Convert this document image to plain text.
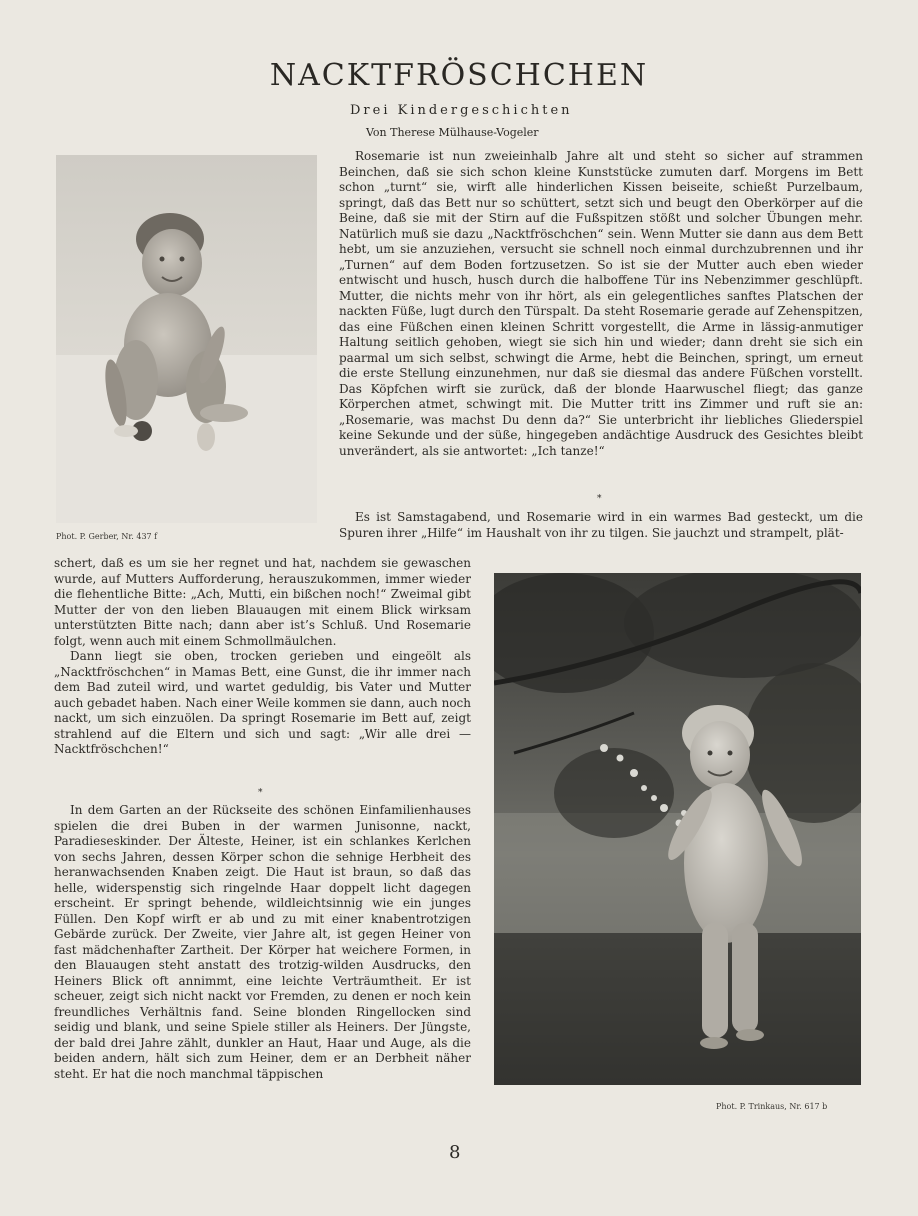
NACKTFRÖSCHCHEN
Drei Kindergeschichten
Von Therese Mülhause-Vogeler
Phot. P. Gerber, Nr. 437 f
Phot. P. Trinkaus, Nr. 617 b

Rosemarie ist nun zweieinhalb Jahre alt und steht so sicher auf strammen Beinchen, daß sie sich schon kleine Kunststücke zumuten darf. Morgens im Bett schon „turnt“ sie, wirft alle hinderlichen Kissen beiseite, schießt Purzelbaum, springt, daß das Bett nur so schüttert, setzt sich und beugt den Oberkörper auf die Beine, daß sie mit der Stirn auf die Fußspitzen stößt und solcher Übungen mehr. Natürlich muß sie dazu „Nacktfröschchen“ sein. Wenn Mutter sie dann aus dem Bett hebt, um sie anzuziehen, versucht sie schnell noch einmal durchzubrennen und ihr „Turnen“ auf dem Boden fortzusetzen. So ist sie der Mutter auch eben wieder entwischt und husch, husch durch die halboffene Tür ins Nebenzimmer geschlüpft. Mutter, die nichts mehr von ihr hört, als ein gelegentliches sanftes Platschen der nackten Füße, lugt durch den Türspalt. Da steht Rosemarie gerade auf Zehenspitzen, das eine Füßchen einen kleinen Schritt vorgestellt, die Arme in lässig-anmutiger Haltung seitlich gehoben, wiegt sie sich hin und wieder; dann dreht sie sich ein paarmal um sich selbst, schwingt die Arme, hebt die Beinchen, springt, um erneut die erste Stellung einzunehmen, nur daß sie diesmal das andere Füßchen vorstellt. Das Köpfchen wirft sie zurück, daß der blonde Haarwuschel fliegt; das ganze Körperchen atmet, schwingt mit. Die Mutter tritt ins Zimmer und ruft sie an: „Rosemarie, was machst Du denn da?“ Sie unterbricht ihr liebliches Gliederspiel keine Sekunde und der süße, hingegeben andächtige Ausdruck des Gesichtes bleibt unverändert, als sie antwortet: „Ich tanze!“

*

Es ist Samstagabend, und Rosemarie wird in ein warmes Bad gesteckt, um die Spuren ihrer „Hilfe“ im Haushalt von ihr zu tilgen. Sie jauchzt und strampelt, plät-

schert, daß es um sie her regnet und hat, nachdem sie gewaschen wurde, auf Mutters Aufforderung, herauszukommen, immer wieder die flehentliche Bitte: „Ach, Mutti, ein bißchen noch!“ Zweimal gibt Mutter der von den lieben Blauaugen mit einem Blick wirksam unterstützten Bitte nach; dann aber ist’s Schluß. Und Rosemarie folgt, wenn auch mit einem Schmollmäulchen.

Dann liegt sie oben, trocken gerieben und eingeölt als „Nacktfröschchen“ in Mamas Bett, eine Gunst, die ihr immer nach dem Bad zuteil wird, und wartet geduldig, bis Vater und Mutter auch gebadet haben. Nach einer Weile kommen sie dann, auch noch nackt, um sich einzuölen. Da springt Rosemarie im Bett auf, zeigt strahlend auf die Eltern und sich und sagt: „Wir alle drei — Nacktfröschchen!“

*

In dem Garten an der Rückseite des schönen Einfamilienhauses spielen die drei Buben in der warmen Junisonne, nackt, Paradieseskinder. Der Älteste, Heiner, ist ein schlankes Kerlchen von sechs Jahren, dessen Körper schon die sehnige Herbheit des heranwachsenden Knaben zeigt. Die Haut ist braun, so daß das helle, widerspenstig sich ringelnde Haar doppelt licht dagegen erscheint. Er springt behende, wildleichtsinnig wie ein junges Füllen. Den Kopf wirft er ab und zu mit einer knabentrotzigen Gebärde zurück. Der Zweite, vier Jahre alt, ist gegen Heiner von fast mädchenhafter Zartheit. Der Körper hat weichere Formen, in den Blauaugen steht anstatt des trotzig-wilden Ausdrucks, den Heiners Blick oft annimmt, eine leichte Verträumtheit. Er ist scheuer, zeigt sich nicht nackt vor Fremden, zu denen er noch kein freundliches Verhältnis fand. Seine blonden Ringellocken sind seidig und blank, und seine Spiele stiller als Heiners. Der Jüngste, der bald drei Jahre zählt, dunkler an Haut, Haar und Auge, als die beiden andern, hält sich zum Heiner, dem er an Derbheit näher steht. Er hat die noch manchmal täppischen

8
